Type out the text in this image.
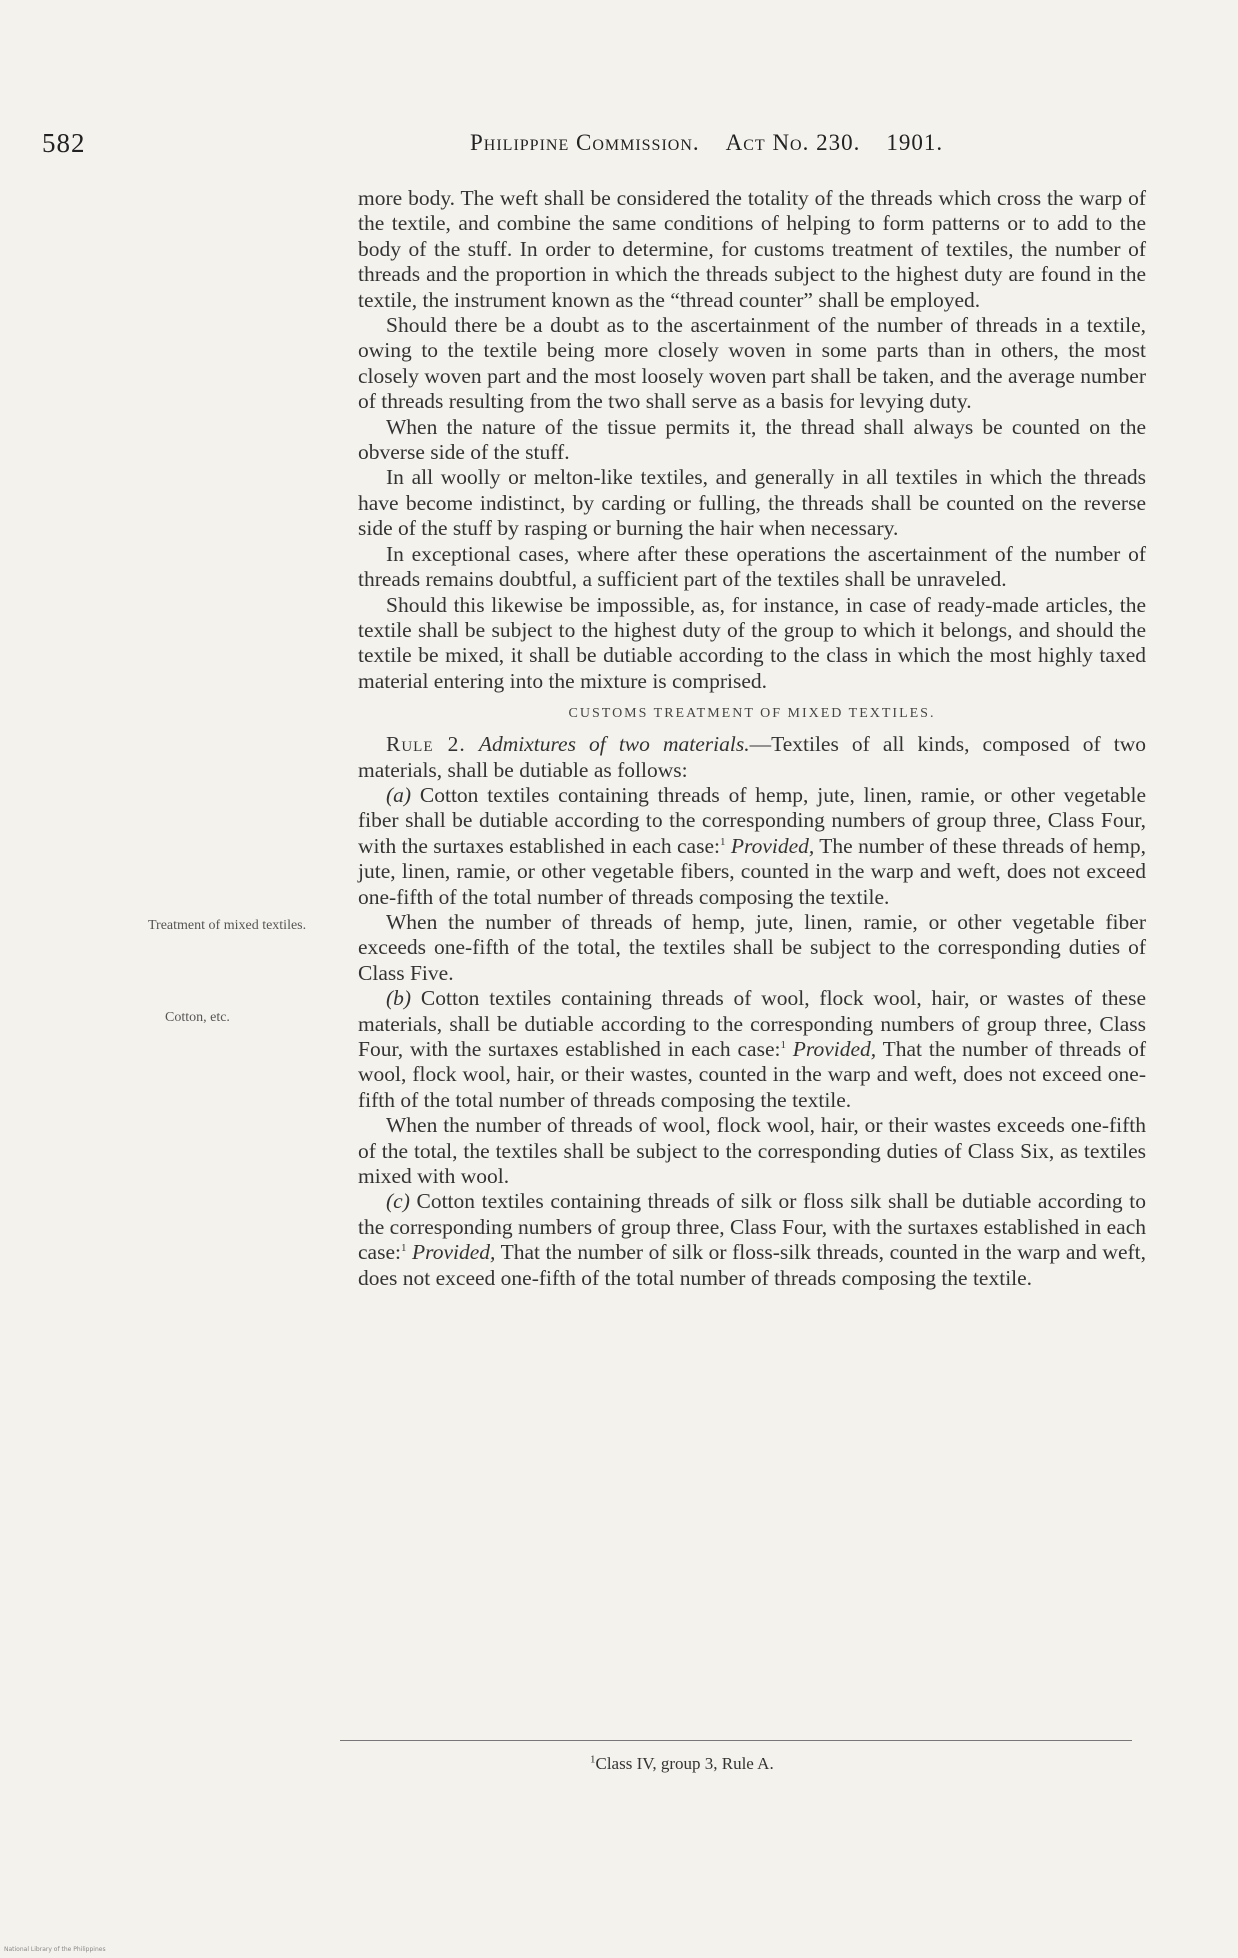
582	Philippine Commission. Act No. 230. 1901.
Treatment of mixed textiles.
Cotton, etc.

more body. The weft shall be considered the totality of the threads which cross the warp of the textile, and combine the same conditions of helping to form patterns or to add to the body of the stuff. In order to determine, for customs treatment of textiles, the number of threads and the proportion in which the threads subject to the highest duty are found in the textile, the instrument known as the “thread counter” shall be employed.

Should there be a doubt as to the ascertainment of the number of threads in a textile, owing to the textile being more closely woven in some parts than in others, the most closely woven part and the most loosely woven part shall be taken, and the average number of threads resulting from the two shall serve as a basis for levying duty.

When the nature of the tissue permits it, the thread shall always be counted on the obverse side of the stuff.

In all woolly or melton-like textiles, and generally in all textiles in which the threads have become indistinct, by carding or fulling, the threads shall be counted on the reverse side of the stuff by rasping or burning the hair when necessary.

In exceptional cases, where after these operations the ascertainment of the number of threads remains doubtful, a sufficient part of the textiles shall be unraveled.

Should this likewise be impossible, as, for instance, in case of ready-made articles, the textile shall be subject to the highest duty of the group to which it belongs, and should the textile be mixed, it shall be dutiable according to the class in which the most highly taxed material entering into the mixture is comprised.

CUSTOMS TREATMENT OF MIXED TEXTILES.

Rule 2. Admixtures of two materials.—Textiles of all kinds, composed of two materials, shall be dutiable as follows:

(a) Cotton textiles containing threads of hemp, jute, linen, ramie, or other vegetable fiber shall be dutiable according to the corresponding numbers of group three, Class Four, with the surtaxes established in each case:$^1$ Provided, The number of these threads of hemp, jute, linen, ramie, or other vegetable fibers, counted in the warp and weft, does not exceed one-fifth of the total number of threads composing the textile.

When the number of threads of hemp, jute, linen, ramie, or other vegetable fiber exceeds one-fifth of the total, the textiles shall be subject to the corresponding duties of Class Five.

(b) Cotton textiles containing threads of wool, flock wool, hair, or wastes of these materials, shall be dutiable according to the corresponding numbers of group three, Class Four, with the surtaxes established in each case:$^1$ Provided, That the number of threads of wool, flock wool, hair, or their wastes, counted in the warp and weft, does not exceed one-fifth of the total number of threads composing the textile.

When the number of threads of wool, flock wool, hair, or their wastes exceeds one-fifth of the total, the textiles shall be subject to the corresponding duties of Class Six, as textiles mixed with wool.

(c) Cotton textiles containing threads of silk or floss silk shall be dutiable according to the corresponding numbers of group three, Class Four, with the surtaxes established in each case:$^1$ Provided, That the number of silk or floss-silk threads, counted in the warp and weft, does not exceed one-fifth of the total number of threads composing the textile.

$^1$Class IV, group 3, Rule A.
National Library of the Philippines
